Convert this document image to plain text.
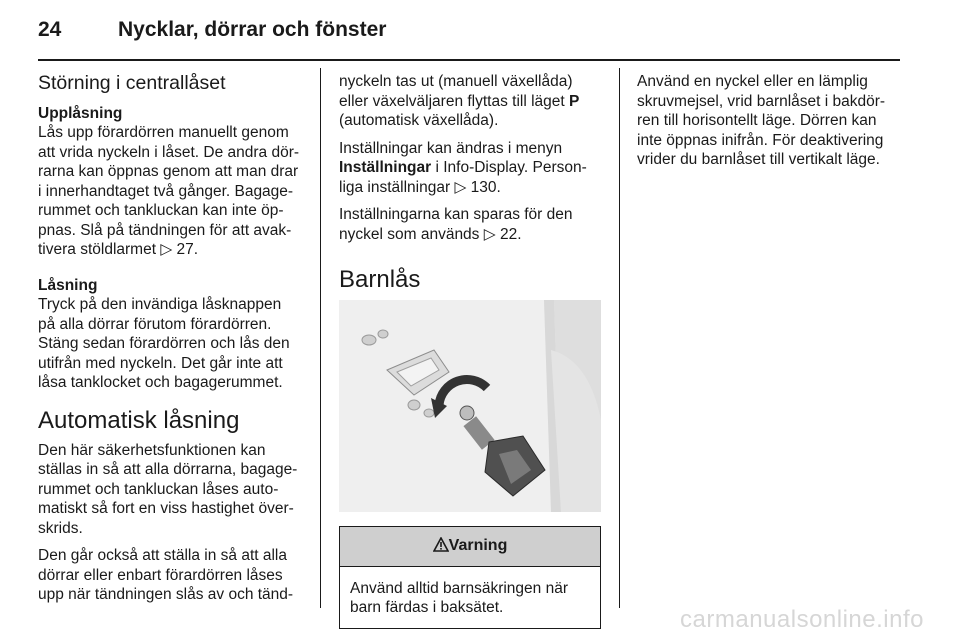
24	Nycklar, dörrar och fönster
Störning i centrallåset
Upplåsning

Lås upp förardörren manuellt genom
att vrida nyckeln i låset. De andra dör-
rarna kan öppnas genom att man drar
i innerhandtaget två gånger. Bagage-
rummet och tankluckan kan inte öp-
pnas. Slå på tändningen för att avak-
tivera stöldlarmet ▷ 27.

Låsning

Tryck på den invändiga låsknappen
på alla dörrar förutom förardörren.
Stäng sedan förardörren och lås den
utifrån med nyckeln. Det går inte att
låsa tanklocket och bagagerummet.

Automatisk låsning

Den här säkerhetsfunktionen kan
ställas in så att alla dörrarna, bagage-
rummet och tankluckan låses auto-
matiskt så fort en viss hastighet över-
skrids.

Den går också att ställa in så att alla
dörrar eller enbart förardörren låses
upp när tändningen slås av och tänd-

nyckeln tas ut (manuell växellåda)
eller växelväljaren flyttas till läget P
(automatisk växellåda).

Inställningar kan ändras i menyn
Inställningar i Info-Display. Person-
liga inställningar ▷ 130.

Inställningarna kan sparas för den
nyckel som används ▷ 22.

Barnlås
Varning
Använd alltid barnsäkringen när
barn färdas i baksätet.

Använd en nyckel eller en lämplig
skruvmejsel, vrid barnlåset i bakdör-
ren till horisontellt läge. Dörren kan
inte öppnas inifrån. För deaktivering
vrider du barnlåset till vertikalt läge.

carmanualsonline.info
